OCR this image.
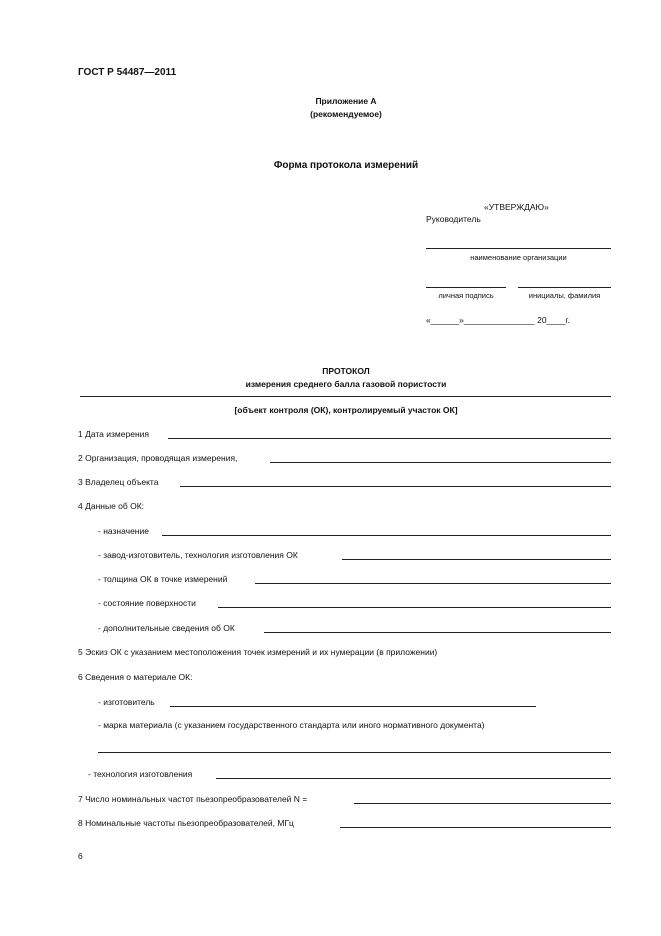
ГОСТ Р 54487—2011
Приложение А
(рекомендуемое)
Форма протокола измерений
«УТВЕРЖДАЮ»
Руководитель
наименование организации
личная подпись	инициалы, фамилия
«______»_______________ 20____г.
ПРОТОКОЛ
измерения среднего балла газовой пористости
[объект контроля (ОК), контролируемый участок ОК]
1 Дата измерения
2 Организация, проводящая измерения,
3 Владелец объекта
4 Данные об ОК:
- назначение
- завод-изготовитель, технология изготовления ОК
- толщина ОК в точке измерений
- состояние поверхности
- дополнительные сведения об ОК
5 Эскиз ОК с указанием местоположения точек измерений и их нумерации (в приложении)
6 Сведения о материале ОК:
- изготовитель
- марка материала (с указанием государственного стандарта или иного нормативного документа)
- технология изготовления
7 Число номинальных частот пьезопреобразователей N =
8 Номинальные частоты пьезопреобразователей, МГц
6
